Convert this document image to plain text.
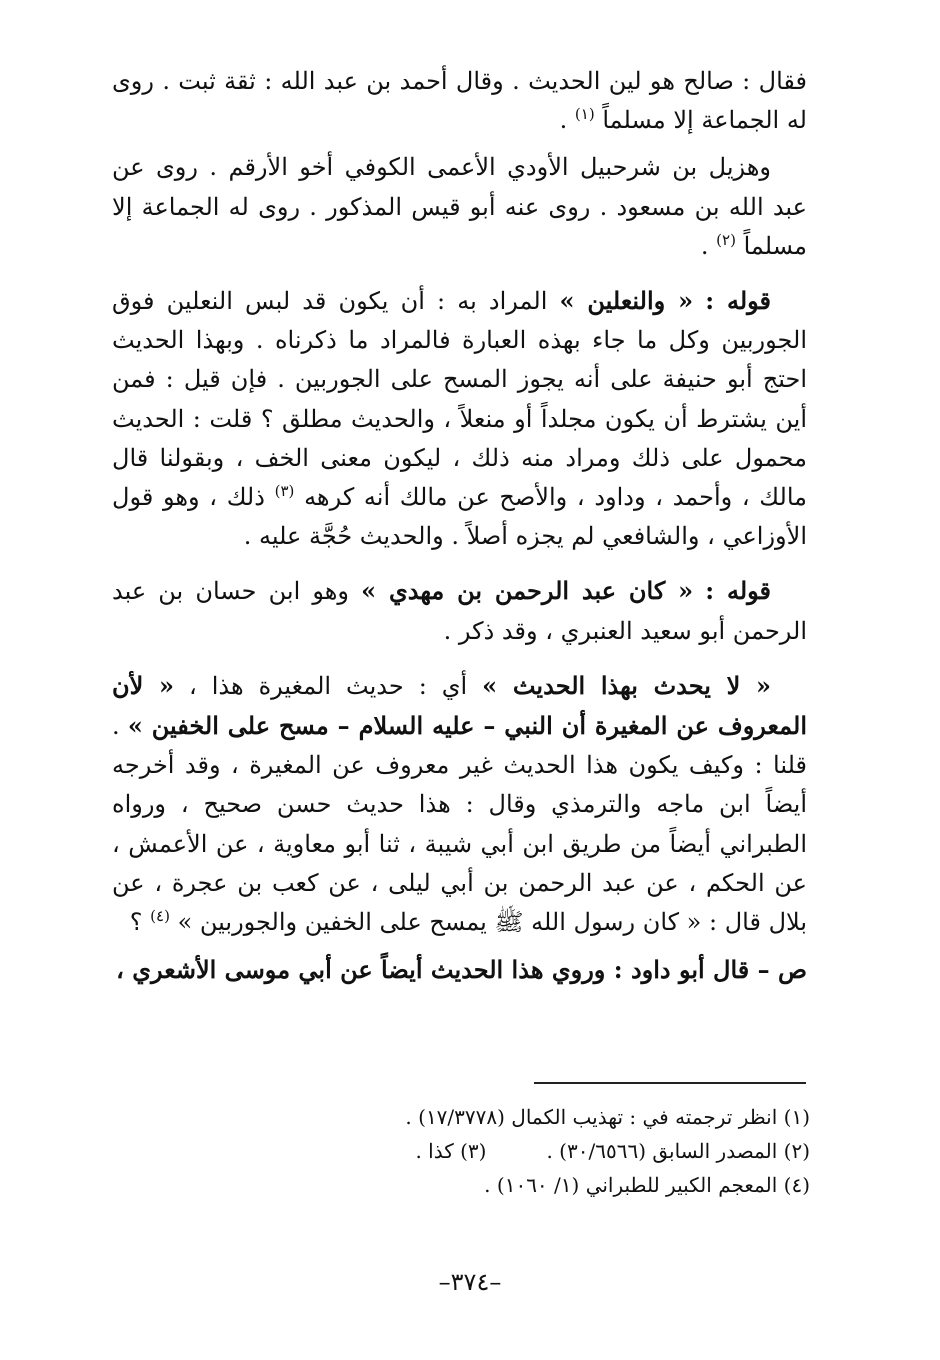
فقال : صالح هو لين الحديث . وقال أحمد بن عبد الله : ثقة ثبت . روى له الجماعة إلا مسلماً $^{(١)}$ .

وهزيل بن شرحبيل الأودي الأعمى الكوفي أخو الأرقم . روى عن عبد الله بن مسعود . روى عنه أبو قيس المذكور . روى له الجماعة إلا مسلماً $^{(٢)}$ .

قوله : « والنعلين » المراد به : أن يكون قد لبس النعلين فوق الجوربين وكل ما جاء بهذه العبارة فالمراد ما ذكرناه . وبهذا الحديث احتج أبو حنيفة على أنه يجوز المسح على الجوربين . فإن قيل : فمن أين يشترط أن يكون مجلداً أو منعلاً ، والحديث مطلق ؟ قلت : الحديث محمول على ذلك ومراد منه ذلك ، ليكون معنى الخف ، وبقولنا قال مالك ، وأحمد ، وداود ، والأصح عن مالك أنه كرهه $^{(٣)}$ ذلك ، وهو قول الأوزاعي ، والشافعي لم يجزه أصلاً . والحديث حُجَّة عليه .

قوله : « كان عبد الرحمن بن مهدي » وهو ابن حسان بن عبد الرحمن أبو سعيد العنبري ، وقد ذكر .

« لا يحدث بهذا الحديث » أي : حديث المغيرة هذا ، « لأن المعروف عن المغيرة أن النبي – عليه السلام – مسح على الخفين » . قلنا : وكيف يكون هذا الحديث غير معروف عن المغيرة ، وقد أخرجه أيضاً ابن ماجه والترمذي وقال : هذا حديث حسن صحيح ، ورواه الطبراني أيضاً من طريق ابن أبي شيبة ، ثنا أبو معاوية ، عن الأعمش ، عن الحكم ، عن عبد الرحمن بن أبي ليلى ، عن كعب بن عجرة ، عن بلال قال : « كان رسول الله ﷺ يمسح على الخفين والجوربين » $^{(٤)}$ ؟

ص – قال أبو داود : وروي هذا الحديث أيضاً عن أبي موسى الأشعري ،

(١) انظر ترجمته في : تهذيب الكمال (١٧/٣٧٧٨) .
(٢) المصدر السابق (٣٠/٦٥٦٦) .(٣) كذا .
(٤) المعجم الكبير للطبراني (١/ ١٠٦٠) .
–٣٧٤–
